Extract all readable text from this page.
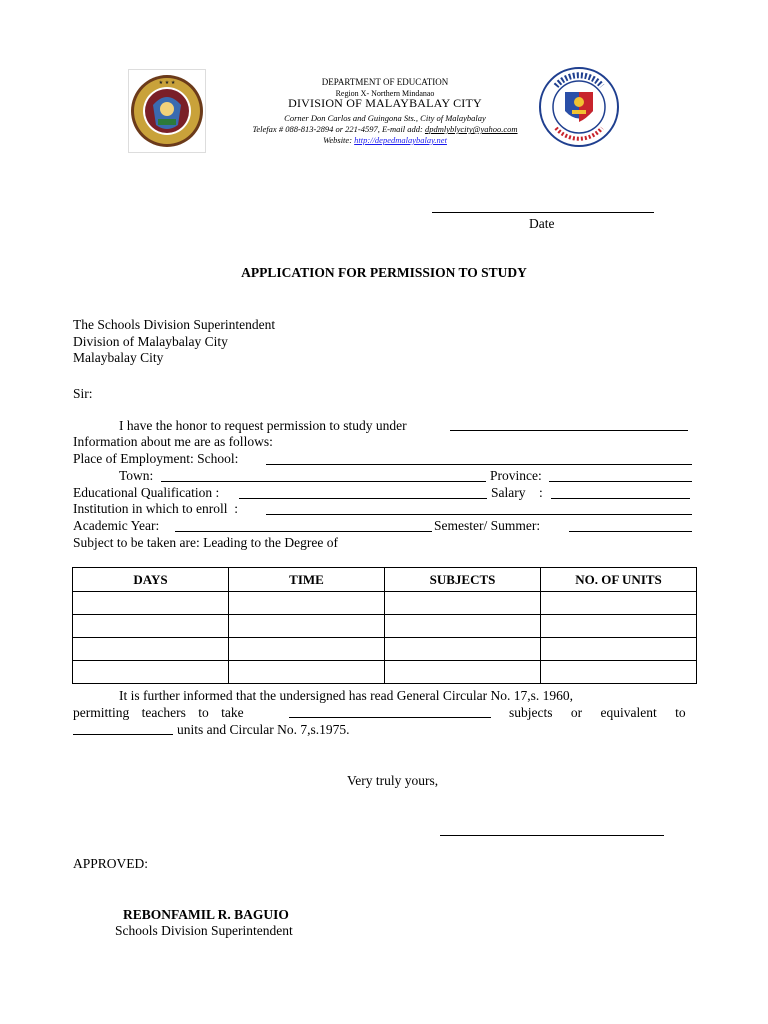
★ ★ ★	DEPARTMENT OF EDUCATION
Region X- Northern Mindanao
DIVISION OF MALAYBALAY CITY
Corner Don Carlos and Guingona Sts., City of Malaybalay
Telefax # 088-813-2894 or 221-4597, E-mail add: dpdmlyblycity@yahoo.com
Website: http://depedmalaybalay.net
Date
APPLICATION FOR PERMISSION TO STUDY
The Schools Division Superintendent
Division of Malaybalay City
Malaybalay City
Sir:
I have the honor to request permission to study under
Information about me are as follows:
Place of Employment: School:
Town:	Province:
Educational Qualification :	Salary    :
Institution in which to enroll  :
Academic Year:	Semester/ Summer:
Subject to be taken are: Leading to the Degree of
DAYS	TIME	SUBJECTS	NO. OF UNITS

It is further informed that the undersigned has read General Circular No. 17,s. 1960,
permitting teachers to take	subjects or equivalent to
units and Circular No. 7,s.1975.
Very truly yours,
APPROVED:
REBONFAMIL R. BAGUIO
Schools Division Superintendent
